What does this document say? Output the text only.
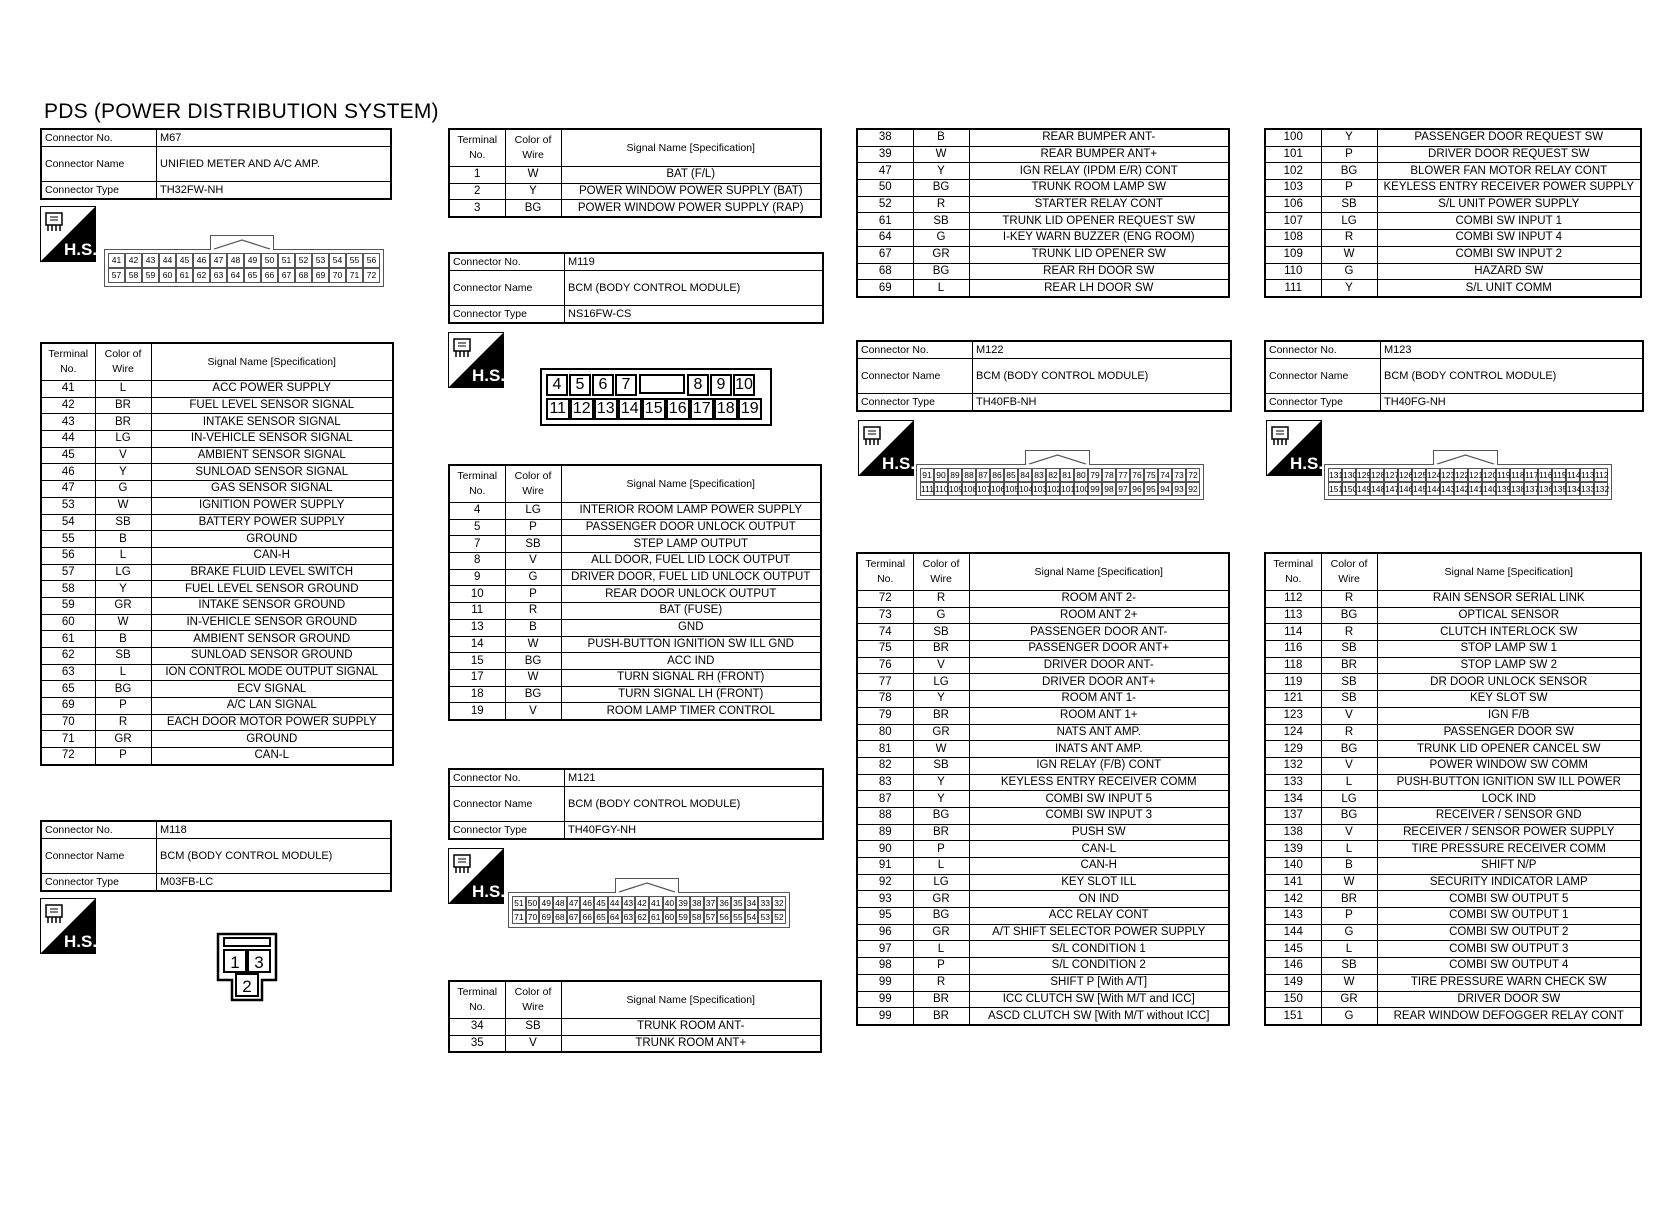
PDS (POWER DISTRIBUTION SYSTEM)
Connector No.	M67
Connector Name	UNIFIED METER AND A/C AMP.
Connector Type	TH32FW-NH
H.S.
41 42 43 44 45 46 47 48 49 50 51 52 53 54 55 56
57 58 59 60 61 62 63 64 65 66 67 68 69 70 71 72
Terminal No.	Color of Wire	Signal Name [Specification]
41	L	ACC POWER SUPPLY
42	BR	FUEL LEVEL SENSOR SIGNAL
43	BR	INTAKE SENSOR SIGNAL
44	LG	IN-VEHICLE SENSOR SIGNAL
45	V	AMBIENT SENSOR SIGNAL
46	Y	SUNLOAD SENSOR SIGNAL
47	G	GAS SENSOR SIGNAL
53	W	IGNITION POWER SUPPLY
54	SB	BATTERY POWER SUPPLY
55	B	GROUND
56	L	CAN-H
57	LG	BRAKE FLUID LEVEL SWITCH
58	Y	FUEL LEVEL SENSOR GROUND
59	GR	INTAKE SENSOR GROUND
60	W	IN-VEHICLE SENSOR GROUND
61	B	AMBIENT SENSOR GROUND
62	SB	SUNLOAD SENSOR GROUND
63	L	ION CONTROL MODE OUTPUT SIGNAL
65	BG	ECV SIGNAL
69	P	A/C LAN SIGNAL
70	R	EACH DOOR MOTOR POWER SUPPLY
71	GR	GROUND
72	P	CAN-L
Connector No.	M118
Connector Name	BCM (BODY CONTROL MODULE)
Connector Type	M03FB-LC
H.S.
1 3
2
Terminal No.	Color of Wire	Signal Name [Specification]
1	W	BAT (F/L)
2	Y	POWER WINDOW POWER SUPPLY (BAT)
3	BG	POWER WINDOW POWER SUPPLY (RAP)
Connector No.	M119
Connector Name	BCM (BODY CONTROL MODULE)
Connector Type	NS16FW-CS
H.S.	4 5 6 7	8 9 10
11 12 13 14 15 16 17 18 19
Terminal No.	Color of Wire	Signal Name [Specification]
4	LG	INTERIOR ROOM LAMP POWER SUPPLY
5	P	PASSENGER DOOR UNLOCK OUTPUT
7	SB	STEP LAMP OUTPUT
8	V	ALL DOOR, FUEL LID LOCK OUTPUT
9	G	DRIVER DOOR, FUEL LID UNLOCK OUTPUT
10	P	REAR DOOR UNLOCK OUTPUT
11	R	BAT (FUSE)
13	B	GND
14	W	PUSH-BUTTON IGNITION SW ILL GND
15	BG	ACC IND
17	W	TURN SIGNAL RH (FRONT)
18	BG	TURN SIGNAL LH (FRONT)
19	V	ROOM LAMP TIMER CONTROL
Connector No.	M121
Connector Name	BCM (BODY CONTROL MODULE)
Connector Type	TH40FGY-NH
H.S.
51 50 49 48 47 46 45 44 43 42 41 40 39 38 37 36 35 34 33 32
71 70 69 68 67 66 65 64 63 62 61 60 59 58 57 56 55 54 53 52
Terminal No.	Color of Wire	Signal Name [Specification]
34	SB	TRUNK ROOM ANT-
35	V	TRUNK ROOM ANT+
38	B	REAR BUMPER ANT-
39	W	REAR BUMPER ANT+
47	Y	IGN RELAY (IPDM E/R) CONT
50	BG	TRUNK ROOM LAMP SW
52	R	STARTER RELAY CONT
61	SB	TRUNK LID OPENER REQUEST SW
64	G	I-KEY WARN BUZZER (ENG ROOM)
67	GR	TRUNK LID OPENER SW
68	BG	REAR RH DOOR SW
69	L	REAR LH DOOR SW
Connector No.	M122
Connector Name	BCM (BODY CONTROL MODULE)
Connector Type	TH40FB-NH
H.S.
91 90 89 88 87 86 85 84 83 82 81 80 79 78 77 76 75 74 73 72
111 110 109 108 107 106 105 104 103 102 101 100 99 98 97 96 95 94 93 92
Terminal No.	Color of Wire	Signal Name [Specification]
72	R	ROOM ANT 2-
73	G	ROOM ANT 2+
74	SB	PASSENGER DOOR ANT-
75	BR	PASSENGER DOOR ANT+
76	V	DRIVER DOOR ANT-
77	LG	DRIVER DOOR ANT+
78	Y	ROOM ANT 1-
79	BR	ROOM ANT 1+
80	GR	NATS ANT AMP.
81	W	INATS ANT AMP.
82	SB	IGN RELAY (F/B) CONT
83	Y	KEYLESS ENTRY RECEIVER COMM
87	Y	COMBI SW INPUT 5
88	BG	COMBI SW INPUT 3
89	BR	PUSH SW
90	P	CAN-L
91	L	CAN-H
92	LG	KEY SLOT ILL
93	GR	ON IND
95	BG	ACC RELAY CONT
96	GR	A/T SHIFT SELECTOR POWER SUPPLY
97	L	S/L CONDITION 1
98	P	S/L CONDITION 2
99	R	SHIFT P [With A/T]
99	BR	ICC CLUTCH SW [With M/T and ICC]
99	BR	ASCD CLUTCH SW [With M/T without ICC]
100	Y	PASSENGER DOOR REQUEST SW
101	P	DRIVER DOOR REQUEST SW
102	BG	BLOWER FAN MOTOR RELAY CONT
103	P	KEYLESS ENTRY RECEIVER POWER SUPPLY
106	SB	S/L UNIT POWER SUPPLY
107	LG	COMBI SW INPUT 1
108	R	COMBI SW INPUT 4
109	W	COMBI SW INPUT 2
110	G	HAZARD SW
111	Y	S/L UNIT COMM
Connector No.	M123
Connector Name	BCM (BODY CONTROL MODULE)
Connector Type	TH40FG-NH
H.S.
131 130 129 128 127 126 125 124 123 122 121 120 119 118 117 116 115 114 113 112
151 150 149 148 147 146 145 144 143 142 141 140 139 138 137 136 135 134 133 132
Terminal No.	Color of Wire	Signal Name [Specification]
112	R	RAIN SENSOR SERIAL LINK
113	BG	OPTICAL SENSOR
114	R	CLUTCH INTERLOCK SW
116	SB	STOP LAMP SW 1
118	BR	STOP LAMP SW 2
119	SB	DR DOOR UNLOCK SENSOR
121	SB	KEY SLOT SW
123	V	IGN F/B
124	R	PASSENGER DOOR SW
129	BG	TRUNK LID OPENER CANCEL SW
132	V	POWER WINDOW SW COMM
133	L	PUSH-BUTTON IGNITION SW ILL POWER
134	LG	LOCK IND
137	BG	RECEIVER / SENSOR GND
138	V	RECEIVER / SENSOR POWER SUPPLY
139	L	TIRE PRESSURE RECEIVER COMM
140	B	SHIFT N/P
141	W	SECURITY INDICATOR LAMP
142	BR	COMBI SW OUTPUT 5
143	P	COMBI SW OUTPUT 1
144	G	COMBI SW OUTPUT 2
145	L	COMBI SW OUTPUT 3
146	SB	COMBI SW OUTPUT 4
149	W	TIRE PRESSURE WARN CHECK SW
150	GR	DRIVER DOOR SW
151	G	REAR WINDOW DEFOGGER RELAY CONT
